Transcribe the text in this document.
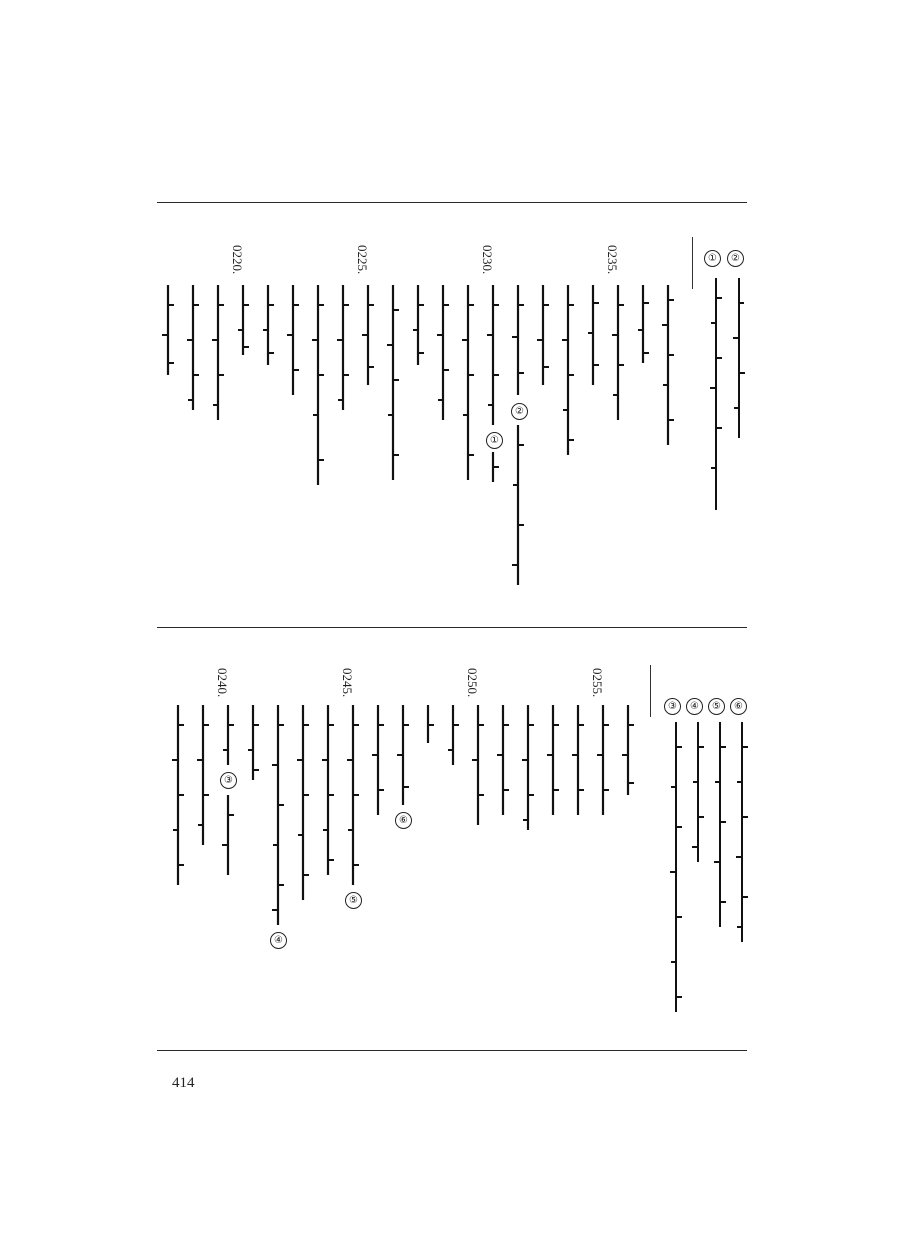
①	②
0235.
②
0230.
①
0225.
0220.
⑥
⑤
④
③
0255.
0250.
⑥
0245.
⑤
④
0240.
③
414
